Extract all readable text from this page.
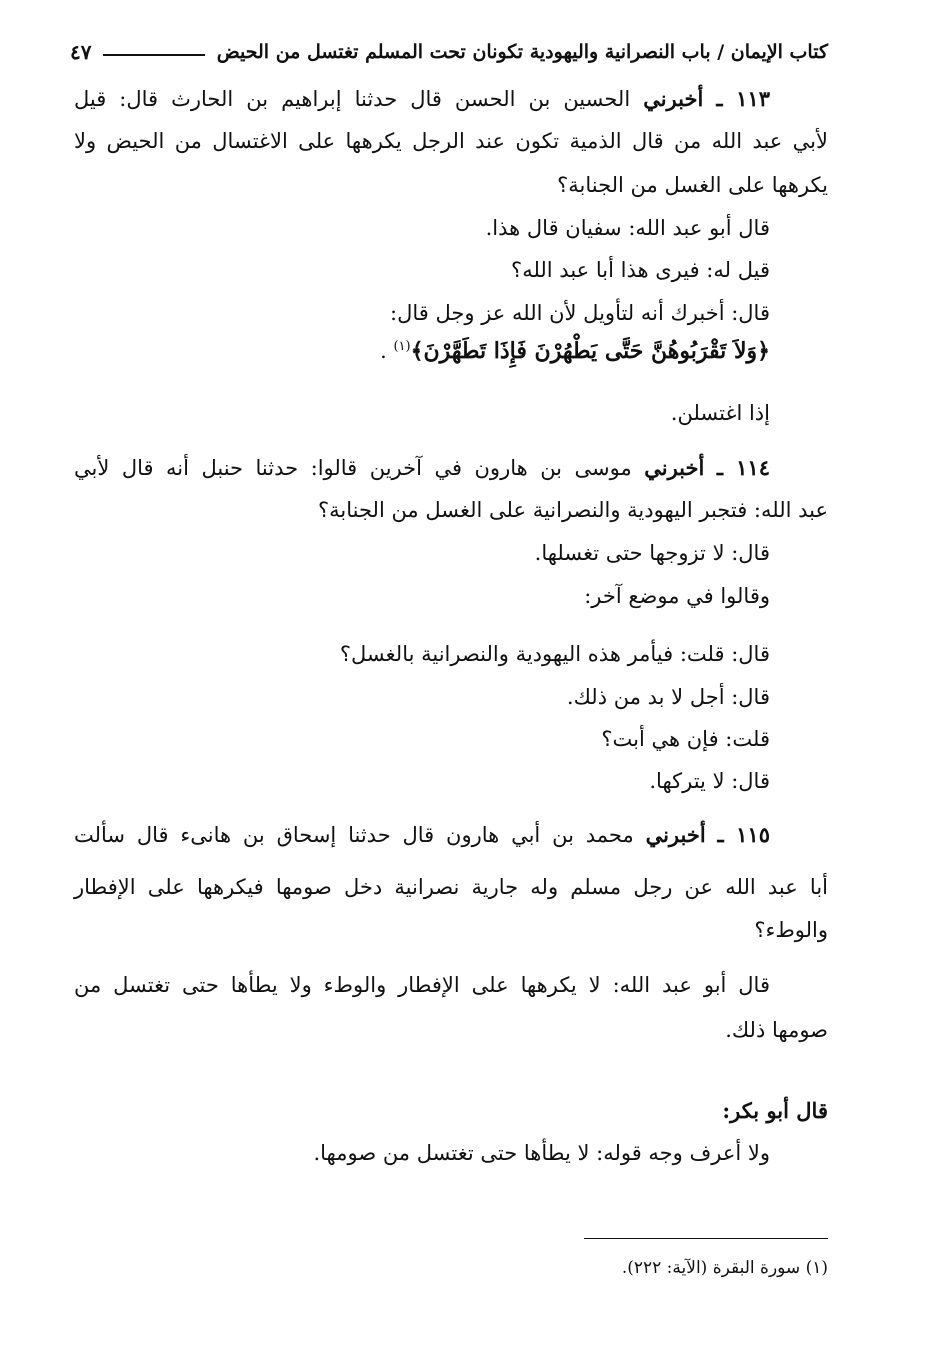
كتاب الإيمان / باب النصرانية واليهودية تكونان تحت المسلم تغتسل من الحيض
٤٧
١١٣ ـ أخبرني الحسين بن الحسن قال حدثنا إبراهيم بن الحارث قال: قيل
لأبي عبد الله من قال الذمية تكون عند الرجل يكرهها على الاغتسال من الحيض ولا
يكرهها على الغسل من الجنابة؟
قال أبو عبد الله: سفيان قال هذا.
قيل له: فيرى هذا أبا عبد الله؟
قال: أخبرك أنه لتأويل لأن الله عز وجل قال:
﴿وَلاَ تَقْرَبُوهُنَّ حَتَّى يَطْهُرْنَ فَإِذَا تَطَهَّرْنَ﴾$^{(١)}$ .
إذا اغتسلن.
١١٤ ـ أخبرني موسى بن هارون في آخرين قالوا: حدثنا حنبل أنه قال لأبي
عبد الله: فتجبر اليهودية والنصرانية على الغسل من الجنابة؟
قال: لا تزوجها حتى تغسلها.
وقالوا في موضع آخر:
قال: قلت: فيأمر هذه اليهودية والنصرانية بالغسل؟
قال: أجل لا بد من ذلك.
قلت: فإن هي أبت؟
قال: لا يتركها.
١١٥ ـ أخبرني محمد بن أبي هارون قال حدثنا إسحاق بن هانىء قال سألت
أبا عبد الله عن رجل مسلم وله جارية نصرانية دخل صومها فيكرهها على الإفطار
والوطء؟
قال أبو عبد الله: لا يكرهها على الإفطار والوطء ولا يطأها حتى تغتسل من
صومها ذلك.
قال أبو بكر:
ولا أعرف وجه قوله: لا يطأها حتى تغتسل من صومها.
(١) سورة البقرة (الآية: ٢٢٢).
